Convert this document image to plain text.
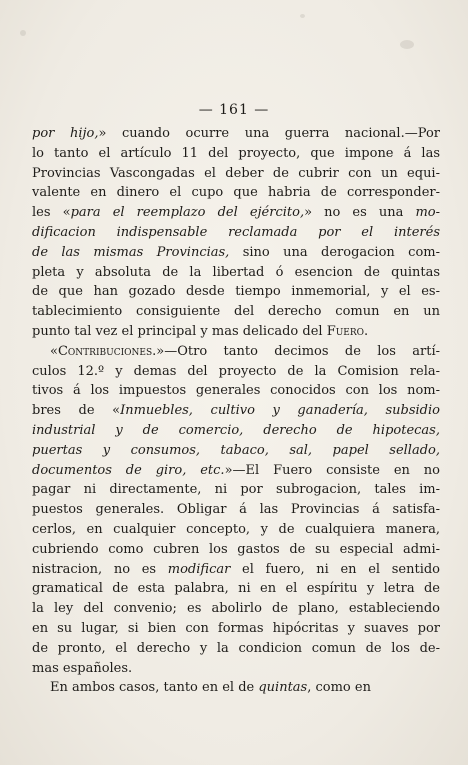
— 161 —
por hijo,» cuando ocurre una guerra nacional.—Por
lo tanto el artículo 11 del proyecto, que impone á las
Provincias Vascongadas el deber de cubrir con un equi-
valente en dinero el cupo que habria de corresponder-
les «para el reemplazo del ejército,» no es una mo-
dificacion indispensable reclamada por el interés
de las mismas Provincias, sino una derogacion com-
pleta y absoluta de la libertad ó esencion de quintas
de que han gozado desde tiempo inmemorial, y el es-
tablecimiento consiguiente del derecho comun en un
punto tal vez el principal y mas delicado del Fuero.
«Contribuciones.»—Otro tanto decimos de los artí-
culos 12.º y demas del proyecto de la Comision rela-
tivos á los impuestos generales conocidos con los nom-
bres de «Inmuebles, cultivo y ganadería, subsidio
industrial y de comercio, derecho de hipotecas,
puertas y consumos, tabaco, sal, papel sellado,
documentos de giro, etc.»—El Fuero consiste en no
pagar ni directamente, ni por subrogacion, tales im-
puestos generales. Obligar á las Provincias á satisfa-
cerlos, en cualquier concepto, y de cualquiera manera,
cubriendo como cubren los gastos de su especial admi-
nistracion, no es modificar el fuero, ni en el sentido
gramatical de esta palabra, ni en el espíritu y letra de
la ley del convenio; es abolirlo de plano, estableciendo
en su lugar, si bien con formas hipócritas y suaves por
de pronto, el derecho y la condicion comun de los de-
mas españoles.
En ambos casos, tanto en el de quintas, como en
